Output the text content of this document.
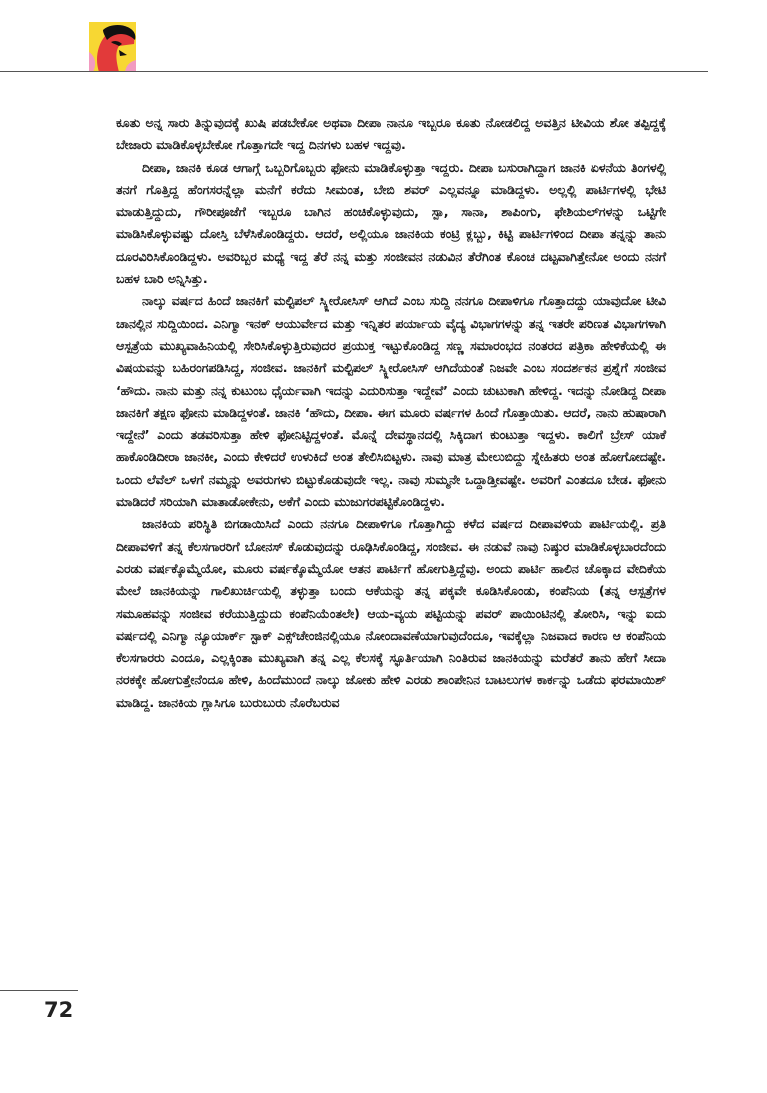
ಕೂತು ಅನ್ನ ಸಾರು ತಿನ್ನುವುದಕ್ಕೆ ಖುಷಿ ಪಡಬೇಕೋ ಅಥವಾ ದೀಪಾ ನಾನೂ ಇಬ್ಬರೂ ಕೂತು ನೋಡಲಿದ್ದ ಅವತ್ತಿನ ಟೀವಿಯ ಶೋ ತಪ್ಪಿದ್ದಕ್ಕೆ ಬೇಜಾರು ಮಾಡಿಕೊಳ್ಳಬೇಕೋ ಗೊತ್ತಾಗದೇ ಇದ್ದ ದಿನಗಳು ಬಹಳ ಇದ್ದವು.

ದೀಪಾ, ಜಾನಕಿ ಕೂಡ ಆಗಾಗ್ಗೆ ಒಬ್ಬರಿಗೊಬ್ಬರು ಫೋನು ಮಾಡಿಕೊಳ್ಳುತ್ತಾ ಇದ್ದರು. ದೀಪಾ ಬಸುರಾಗಿದ್ದಾಗ ಜಾನಕಿ ಏಳನೆಯ ತಿಂಗಳಲ್ಲಿ ತನಗೆ ಗೊತ್ತಿದ್ದ ಹೆಂಗಸರನ್ನೆಲ್ಲಾ ಮನೆಗೆ ಕರೆದು ಸೀಮಂತ, ಬೇಬಿ ಶವರ್ ಎಲ್ಲವನ್ನೂ ಮಾಡಿದ್ದಳು. ಅಲ್ಲಲ್ಲಿ ಪಾರ್ಟಿಗಳಲ್ಲಿ ಭೇಟಿ ಮಾಡುತ್ತಿದ್ದುದು, ಗೌರೀಪೂಜೆಗೆ ಇಬ್ಬರೂ ಬಾಗಿನ ಹಂಚಿಕೊಳ್ಳುವುದು, ಸ್ಪಾ, ಸಾನಾ, ಶಾಪಿಂಗು, ಫೇಶಿಯಲ್‌ಗಳನ್ನು ಒಟ್ಟಿಗೇ ಮಾಡಿಸಿಕೊಳ್ಳುವಷ್ಟು ದೋಸ್ತಿ ಬೆಳೆಸಿಕೊಂಡಿದ್ದರು. ಆದರೆ, ಅಲ್ಲಿಯೂ ಜಾನಕಿಯ ಕಂಟ್ರಿ ಕ್ಲಬ್ಬು, ಕಿಟ್ಟಿ ಪಾರ್ಟಿಗಳಿಂದ ದೀಪಾ ತನ್ನನ್ನು ತಾನು ದೂರವಿರಿಸಿಕೊಂಡಿದ್ದಳು. ಅವರಿಬ್ಬರ ಮಧ್ಯೆ ಇದ್ದ ತೆರೆ ನನ್ನ ಮತ್ತು ಸಂಜೀವನ ನಡುವಿನ ತೆರೆಗಿಂತ ಕೊಂಚ ದಟ್ಟವಾಗಿತ್ತೇನೋ ಅಂದು ನನಗೆ ಬಹಳ ಬಾರಿ ಅನ್ನಿಸಿತ್ತು.

ನಾಲ್ಕು ವರ್ಷದ ಹಿಂದೆ ಜಾನಕಿಗೆ ಮಲ್ಟಿಪಲ್ ಸ್ಕ್ಲೀರೋಸಿಸ್ ಆಗಿದೆ ಎಂಬ ಸುದ್ದಿ ನನಗೂ ದೀಪಾಳಿಗೂ ಗೊತ್ತಾದದ್ದು ಯಾವುದೋ ಟೀವಿ ಚಾನಲ್ಲಿನ ಸುದ್ದಿಯಿಂದ. ಎನಿಗ್ಮಾ ಇನಕ್ ಆಯುರ್ವೇದ ಮತ್ತು ಇನ್ನಿತರ ಪರ್ಯಾಯ ವೈದ್ಯ ವಿಭಾಗಗಳನ್ನು ತನ್ನ ಇತರೇ ಪರಿಣತ ವಿಭಾಗಗಳಾಗಿ ಆಸ್ಪತ್ರೆಯ ಮುಖ್ಯವಾಹಿನಿಯಲ್ಲಿ ಸೇರಿಸಿಕೊಳ್ಳುತ್ತಿರುವುದರ ಪ್ರಯುಕ್ತ ಇಟ್ಟುಕೊಂಡಿದ್ದ ಸಣ್ಣ ಸಮಾರಂಭದ ನಂತರದ ಪತ್ರಿಕಾ ಹೇಳಿಕೆಯಲ್ಲಿ ಈ ವಿಷಯವನ್ನು ಬಹಿರಂಗಪಡಿಸಿದ್ದ, ಸಂಜೀವ. ಜಾನಕಿಗೆ ಮಲ್ಟಿಪಲ್ ಸ್ಕ್ಲೀರೋಸಿಸ್ ಆಗಿದೆಯಂತೆ ನಿಜವೇ ಎಂಬ ಸಂದರ್ಶಕನ ಪ್ರಶ್ನೆಗೆ ಸಂಜೀವ ‘ಹೌದು. ನಾನು ಮತ್ತು ನನ್ನ ಕುಟುಂಬ ಧೈರ್ಯವಾಗಿ ಇದನ್ನು ಎದುರಿಸುತ್ತಾ ಇದ್ದೇವೆ’ ಎಂದು ಚುಟುಕಾಗಿ ಹೇಳಿದ್ದ. ಇದನ್ನು ನೋಡಿದ್ದ ದೀಪಾ ಜಾನಕಿಗೆ ತಕ್ಷಣ ಫೋನು ಮಾಡಿದ್ದಳಂತೆ. ಜಾನಕಿ ‘ಹೌದು, ದೀಪಾ. ಈಗ ಮೂರು ವರ್ಷಗಳ ಹಿಂದೆ ಗೊತ್ತಾಯಿತು. ಆದರೆ, ನಾನು ಹುಷಾರಾಗಿ ಇದ್ದೇನೆ’ ಎಂದು ತಡವರಿಸುತ್ತಾ ಹೇಳಿ ಫೋನಿಟ್ಟಿದ್ದಳಂತೆ. ಮೊನ್ನೆ ದೇವಸ್ಥಾನದಲ್ಲಿ ಸಿಕ್ಕಿದಾಗ ಕುಂಟುತ್ತಾ ಇದ್ದಳು. ಕಾಲಿಗೆ ಬ್ರೇಸ್ ಯಾಕೆ ಹಾಕೊಂಡಿದೀರಾ ಜಾನಕೀ, ಎಂದು ಕೇಳಿದರೆ ಉಳುಕಿದೆ ಅಂತ ತೇಲಿಸಿಬಿಟ್ಟಳು. ನಾವು ಮಾತ್ರ ಮೇಲುಬಿದ್ದು ಸ್ನೇಹಿತರು ಅಂತ ಹೋಗೋದಷ್ಟೇ. ಒಂದು ಲೆವೆಲ್ ಒಳಗೆ ನಮ್ಮನ್ನು ಅವರುಗಳು ಬಿಟ್ಟುಕೊಡುವುದೇ ಇಲ್ಲ. ನಾವು ಸುಮ್ಮನೇ ಒದ್ದಾಡ್ತೀವಷ್ಟೇ. ಅವರಿಗೆ ಎಂತದೂ ಬೇಡ. ಫೋನು ಮಾಡಿದರೆ ಸರಿಯಾಗಿ ಮಾತಾಡೋಕೇನು, ಅಕೆಗೆ ಎಂದು ಮುಜುಗರಪಟ್ಟಿಕೊಂಡಿದ್ದಳು.

ಜಾನಕಿಯ ಪರಿಸ್ಥಿತಿ ಬಿಗಡಾಯಿಸಿದೆ ಎಂದು ನನಗೂ ದೀಪಾಳಿಗೂ ಗೊತ್ತಾಗಿದ್ದು ಕಳೆದ ವರ್ಷದ ದೀಪಾವಳಿಯ ಪಾರ್ಟಿಯಲ್ಲಿ. ಪ್ರತಿ ದೀಪಾವಳಿಗೆ ತನ್ನ ಕೆಲಸಗಾರರಿಗೆ ಬೋನಸ್ ಕೊಡುವುದನ್ನು ರೂಢಿಸಿಕೊಂಡಿದ್ದ, ಸಂಜೀವ. ಈ ನಡುವೆ ನಾವು ನಿಷ್ಠುರ ಮಾಡಿಕೊಳ್ಳಬಾರದೆಂದು ಎರಡು ವರ್ಷಕ್ಕೊಮ್ಮೆಯೋ, ಮೂರು ವರ್ಷಕ್ಕೊಮ್ಮೆಯೋ ಆತನ ಪಾರ್ಟಿಗೆ ಹೋಗುತ್ತಿದ್ದೆವು. ಅಂದು ಪಾರ್ಟಿ ಹಾಲಿನ ಚೊಕ್ಕಾದ ವೇದಿಕೆಯ ಮೇಲೆ ಜಾನಕಿಯನ್ನು ಗಾಲಿಖುರ್ಚಿಯಲ್ಲಿ ತಳ್ಳುತ್ತಾ ಬಂದು ಆಕೆಯನ್ನು ತನ್ನ ಪಕ್ಕವೇ ಕೂಡಿಸಿಕೊಂಡು, ಕಂಪೆನಿಯ (ತನ್ನ ಆಸ್ಪತ್ರೆಗಳ ಸಮೂಹವನ್ನು ಸಂಜೀವ ಕರೆಯುತ್ತಿದ್ದುದು ಕಂಪೆನಿಯೆಂತಲೇ) ಆಯ-ವ್ಯಯ ಪಟ್ಟಿಯನ್ನು ಪವರ್ ಪಾಯಿಂಟಿನಲ್ಲಿ ತೋರಿಸಿ, ಇನ್ನು ಐದು ವರ್ಷದಲ್ಲಿ ಎನಿಗ್ಮಾ ನ್ಯೂಯಾರ್ಕ್ ಸ್ಟಾಕ್ ಎಕ್ಸ್‌ಚೇಂಜಿನಲ್ಲಿಯೂ ನೋಂದಾವಣೆಯಾಗುವುದೆಂದೂ, ಇವಕ್ಕೆಲ್ಲಾ ನಿಜವಾದ ಕಾರಣ ಆ ಕಂಪೆನಿಯ ಕೆಲಸಗಾರರು ಎಂದೂ, ಎಲ್ಲಕ್ಕಿಂತಾ ಮುಖ್ಯವಾಗಿ ತನ್ನ ಎಲ್ಲ ಕೆಲಸಕ್ಕೆ ಸ್ಫೂರ್ತಿಯಾಗಿ ನಿಂತಿರುವ ಜಾನಕಿಯನ್ನು ಮರೆತರೆ ತಾನು ಹೇಗೆ ಸೀದಾ ನರಕಕ್ಕೇ ಹೋಗುತ್ತೇನೆಂದೂ ಹೇಳಿ, ಹಿಂದೆಮುಂದೆ ನಾಲ್ಕು ಜೋಕು ಹೇಳಿ ಎರಡು ಶಾಂಪೇನಿನ ಬಾಟಲುಗಳ ಕಾರ್ಕನ್ನು ಒಡೆದು ಫರಮಾಯಿಶ್ ಮಾಡಿದ್ದ. ಜಾನಕಿಯ ಗ್ಲಾಸಿಗೂ ಬುರುಬುರು ನೊರೆಬರುವ

72
